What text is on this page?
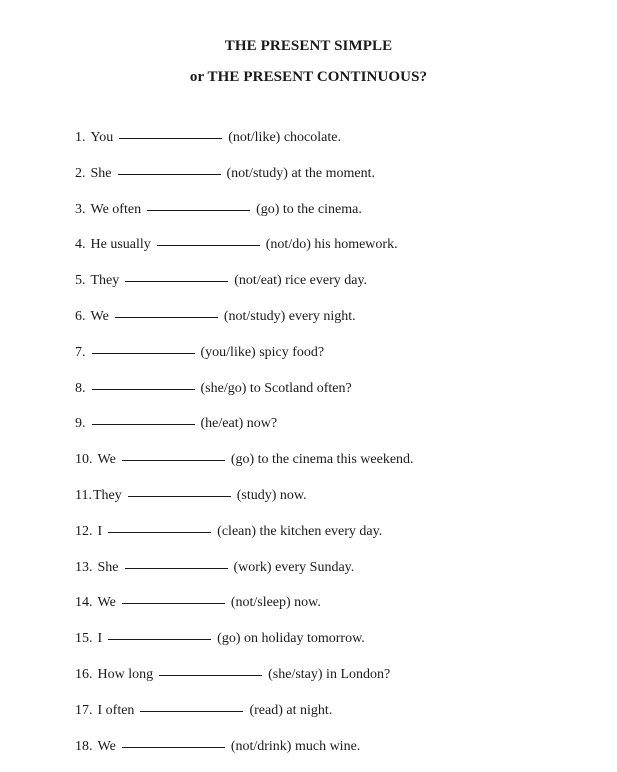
THE PRESENT SIMPLE
or THE PRESENT CONTINUOUS?
1. You	(not/like) chocolate.
2. She	(not/study) at the moment.
3. We often	(go) to the cinema.
4. He usually	(not/do) his homework.
5. They	(not/eat) rice every day.
6. We	(not/study) every night.
7.	(you/like) spicy food?
8.	(she/go) to Scotland often?
9.	(he/eat) now?
10. We	(go) to the cinema this weekend.
11. They	(study) now.
12. I	(clean) the kitchen every day.
13. She	(work) every Sunday.
14. We	(not/sleep) now.
15. I	(go) on holiday tomorrow.
16. How long	(she/stay) in London?
17. I often	(read) at night.
18. We	(not/drink) much wine.
